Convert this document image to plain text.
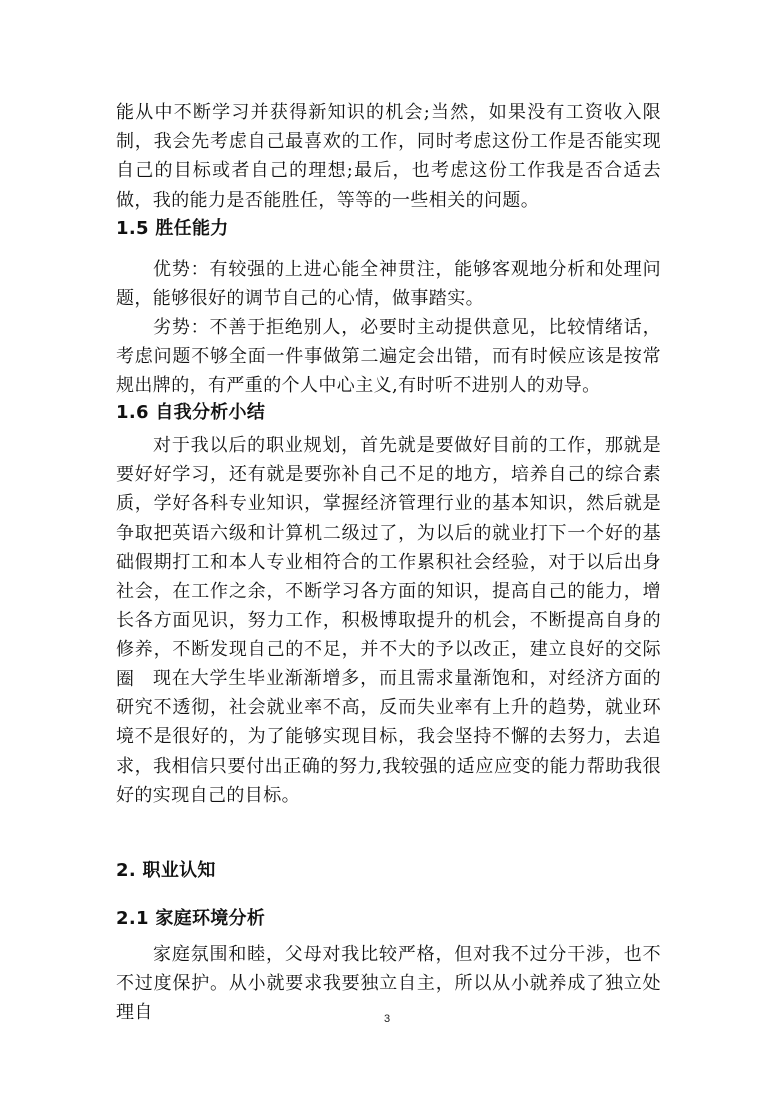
能从中不断学习并获得新知识的机会;当然，如果没有工资收入限制，我会先考虑自己最喜欢的工作，同时考虑这份工作是否能实现自己的目标或者自己的理想;最后，也考虑这份工作我是否合适去做，我的能力是否能胜任，等等的一些相关的问题。

1.5 胜任能力

优势：有较强的上进心能全神贯注，能够客观地分析和处理问题，能够很好的调节自己的心情，做事踏实。

劣势：不善于拒绝别人，必要时主动提供意见，比较情绪话，考虑问题不够全面一件事做第二遍定会出错，而有时候应该是按常规出牌的，有严重的个人中心主义,有时听不进别人的劝导。

1.6 自我分析小结

对于我以后的职业规划，首先就是要做好目前的工作，那就是要好好学习，还有就是要弥补自己不足的地方，培养自己的综合素质，学好各科专业知识，掌握经济管理行业的基本知识，然后就是争取把英语六级和计算机二级过了，为以后的就业打下一个好的基础假期打工和本人专业相符合的工作累积社会经验，对于以后出身社会，在工作之余，不断学习各方面的知识，提高自己的能力，增长各方面见识，努力工作，积极博取提升的机会，不断提高自身的修养，不断发现自己的不足，并不大的予以改正，建立良好的交际圈	现在大学生毕业渐渐增多，而且需求量渐饱和，对经济方面的研究不透彻，社会就业率不高，反而失业率有上升的趋势，就业环境不是很好的，为了能够实现目标，我会坚持不懈的去努力，去追求，我相信只要付出正确的努力,我较强的适应应变的能力帮助我很好的实现自己的目标。

2. 职业认知
2.1 家庭环境分析

家庭氛围和睦，父母对我比较严格，但对我不过分干涉，也不不过度保护。从小就要求我要独立自主，所以从小就养成了独立处理自	3
